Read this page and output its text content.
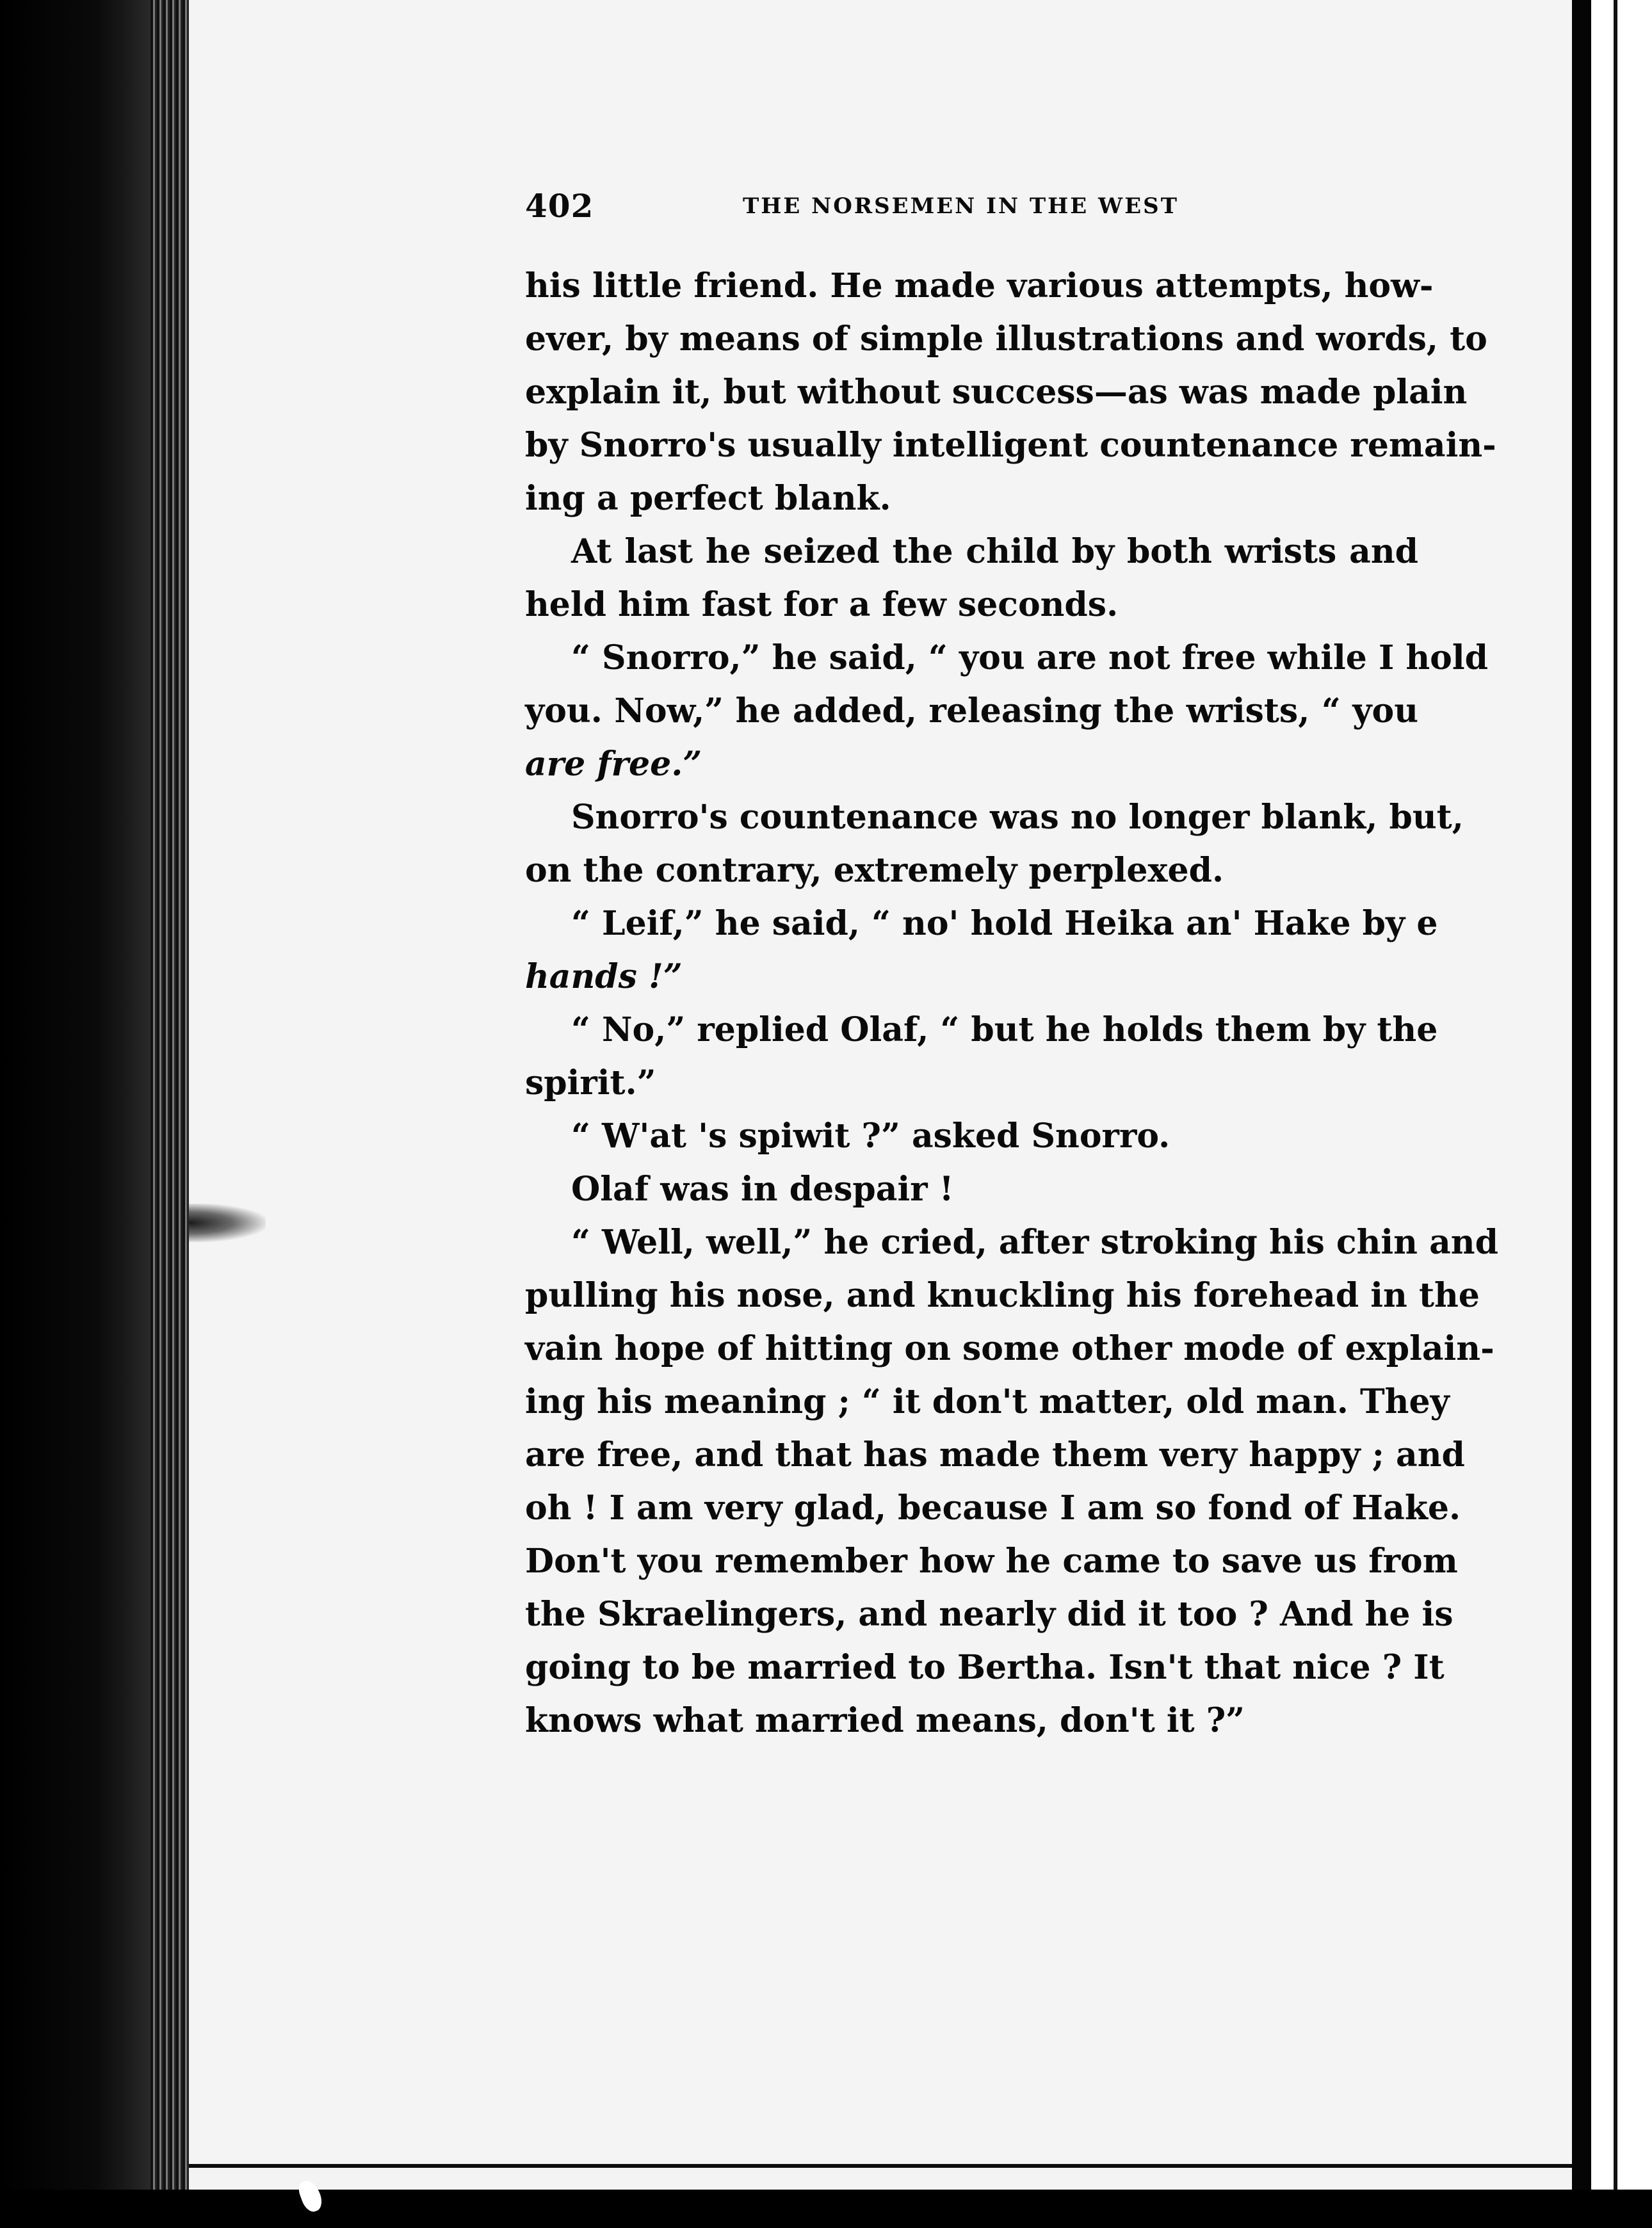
402	THE NORSEMEN IN THE WEST
his little friend. He made various attempts, how-
ever, by means of simple illustrations and words, to
explain it, but without success—as was made plain
by Snorro's usually intelligent countenance remain-
ing a perfect blank.
At last he seized the child by both wrists and
held him fast for a few seconds.
“ Snorro,” he said, “ you are not free while I hold
you. Now,” he added, releasing the wrists, “ you
are free.”
Snorro's countenance was no longer blank, but,
on the contrary, extremely perplexed.
“ Leif,” he said, “ no' hold Heika an' Hake by e
hands !”
“ No,” replied Olaf, “ but he holds them by the
spirit.”
“ W'at 's spiwit ?” asked Snorro.
Olaf was in despair !
“ Well, well,” he cried, after stroking his chin and
pulling his nose, and knuckling his forehead in the
vain hope of hitting on some other mode of explain-
ing his meaning ; “ it don't matter, old man. They
are free, and that has made them very happy ; and
oh ! I am very glad, because I am so fond of Hake.
Don't you remember how he came to save us from
the Skraelingers, and nearly did it too ? And he is
going to be married to Bertha. Isn't that nice ? It
knows what married means, don't it ?”
